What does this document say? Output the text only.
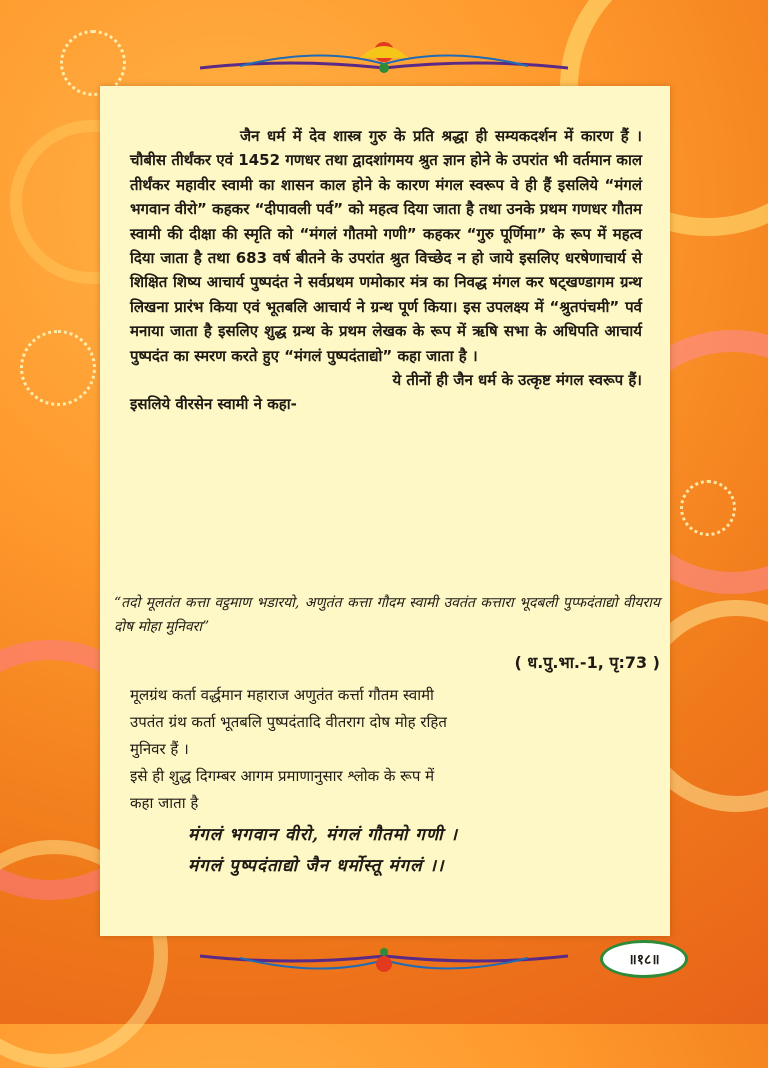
जैन धर्म में देव शास्त्र गुरु के प्रति श्रद्धा ही सम्यकदर्शन में कारण हैं । चौबीस तीर्थंकर एवं 1452 गणधर तथा द्वादशांगमय श्रुत ज्ञान होने के उपरांत भी वर्तमान काल तीर्थंकर महावीर स्वामी का शासन काल होने के कारण मंगल स्वरूप वे ही हैं इसलिये “मंगलं भगवान वीरो” कहकर “दीपावली पर्व” को महत्व दिया जाता है तथा उनके प्रथम गणधर गौतम स्वामी की दीक्षा की स्मृति को “मंगलं गौतमो गणी” कहकर “गुरु पूर्णिमा” के रूप में महत्व दिया जाता है तथा 683 वर्ष बीतने के उपरांत श्रुत विच्छेद न हो जाये इसलिए धरषेणाचार्य से शिक्षित शिष्य आचार्य पुष्पदंत ने सर्वप्रथम णमोकार मंत्र का निवद्ध मंगल कर षट्खण्डागम ग्रन्थ लिखना प्रारंभ किया एवं भूतबलि आचार्य ने ग्रन्थ पूर्ण किया। इस उपलक्ष्य में “श्रुतपंचमी” पर्व मनाया जाता है इसलिए शुद्ध ग्रन्थ के प्रथम लेखक के रूप में ऋषि सभा के अधिपति आचार्य पुष्पदंत का स्मरण करते हुए “मंगलं पुष्पदंताद्यो” कहा जाता है ।

ये तीनों ही जैन धर्म के उत्कृष्ट मंगल स्वरूप हैं।

इसलिये वीरसेन स्वामी ने कहा-

“तदो मूलतंत कत्ता वट्ठमाण भडारयो, अणुतंत कत्ता गौदम स्वामी उवतंत कत्तारा भूदबली पुप्फदंताद्यो वीयराय दोष मोहा मुनिवरा”
( ध.पु.भा.-1, पृ:73 )

मूलग्रंथ कर्ता वर्द्धमान महाराज अणुतंत कर्त्ता गौतम स्वामी

उपतंत ग्रंथ कर्ता भूतबलि पुष्पदंतादि वीतराग दोष मोह रहित

मुनिवर हैं ।

इसे ही शुद्ध दिगम्बर आगम प्रमाणानुसार श्लोक के रूप में

कहा जाता है

मंगलं भगवान वीरो, मंगलं गौतमो गणी ।

मंगलं पुष्पदंताद्यो जैन धर्मोस्तू मंगलं ।।

॥१८॥
